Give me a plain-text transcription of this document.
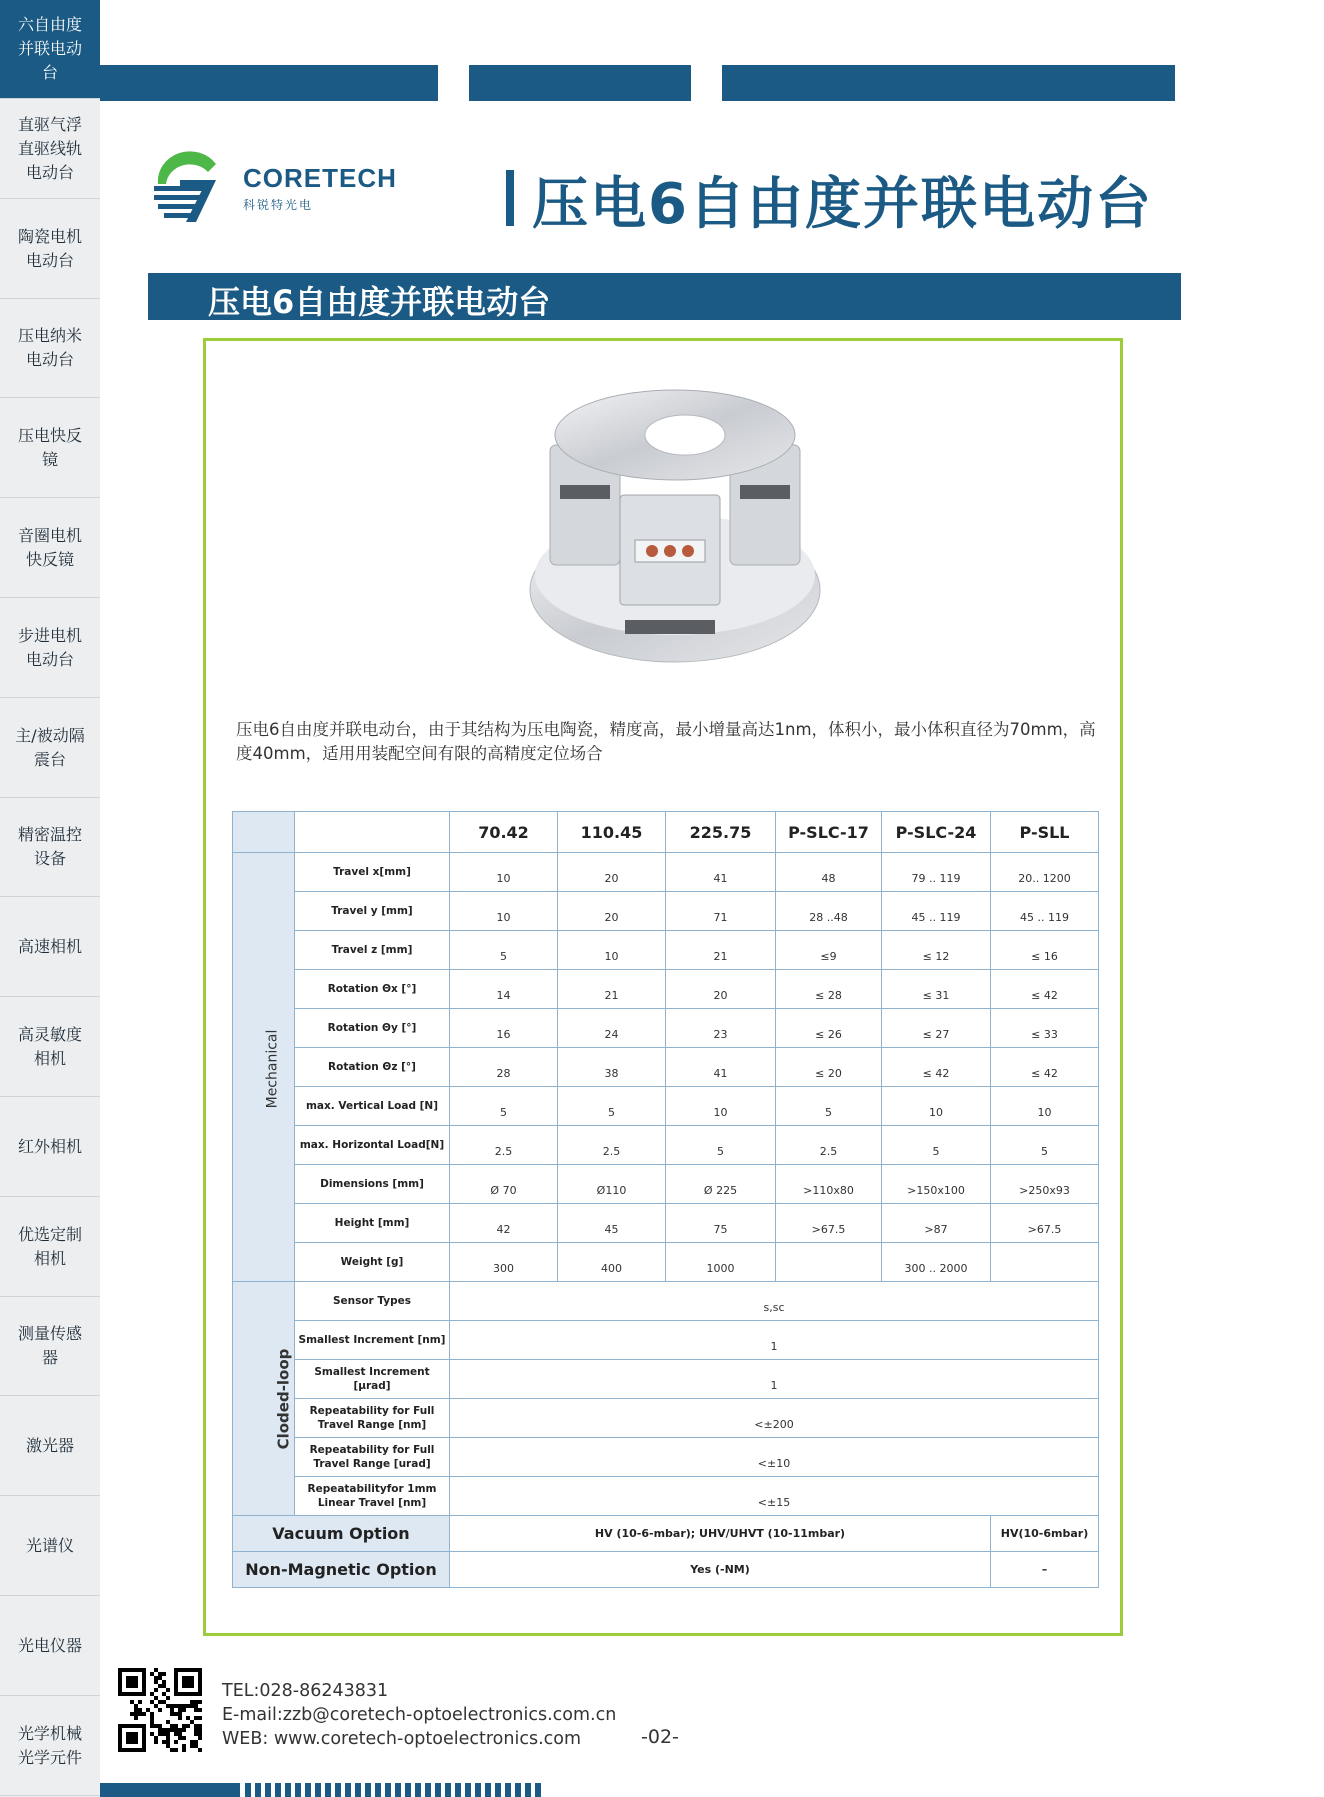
六自由度并联电动台
直驱气浮直驱线轨电动台
陶瓷电机电动台
压电纳米电动台
压电快反镜
音圈电机快反镜
步进电机电动台
主/被动隔震台
精密温控设备
高速相机
高灵敏度相机
红外相机
优选定制相机
测量传感器
激光器
光谱仪
光电仪器
光学机械光学元件
CORETECH
科锐特光电	压电6自由度并联电动台
压电6自由度并联电动台
压电6自由度并联电动台，由于其结构为压电陶瓷，精度高，最小增量高达1nm，体积小，最小体积直径为70mm，高度40mm，适用用装配空间有限的高精度定位场合
		70.42	110.45	225.75	P-SLC-17	P-SLC-24	P-SLL
Mechanical	Travel x[mm]	10	20	41	48	79 .. 119	20.. 1200
	Travel y [mm]	10	20	71	28 ..48	45 .. 119	45 .. 119
	Travel z [mm]	5	10	21	≤9	≤ 12	≤ 16
	Rotation Θx [°]	14	21	20	≤ 28	≤ 31	≤ 42
	Rotation Θy [°]	16	24	23	≤ 26	≤ 27	≤ 33
	Rotation Θz [°]	28	38	41	≤ 20	≤ 42	≤ 42
	max. Vertical Load [N]	5	5	10	5	10	10
	max. Horizontal Load[N]	2.5	2.5	5	2.5	5	5
	Dimensions [mm]	Ø 70	Ø110	Ø 225	>110x80	>150x100	>250x93
	Height [mm]	42	45	75	>67.5	>87	>67.5
	Weight [g]	300	400	1000		300 .. 2000	
Cloded-loop	Sensor Types	s,sc					
	Smallest Increment [nm]	1					
	Smallest Increment [μrad]	1					
	Repeatability for Full Travel Range [nm]	<±200					
	Repeatability for Full Travel Range [urad]	<±10					
	Repeatabilityfor 1mm Linear Travel [nm]	<±15					
Vacuum Option		HV (10-6-mbar); UHV/UHVT (10-11mbar)					HV(10-6mbar)
Non-Magnetic Option		Yes (-NM)					–
TEL:028-86243831
E-mail:zzb@coretech-optoelectronics.com.cn
WEB: www.coretech-optoelectronics.com	-02-
